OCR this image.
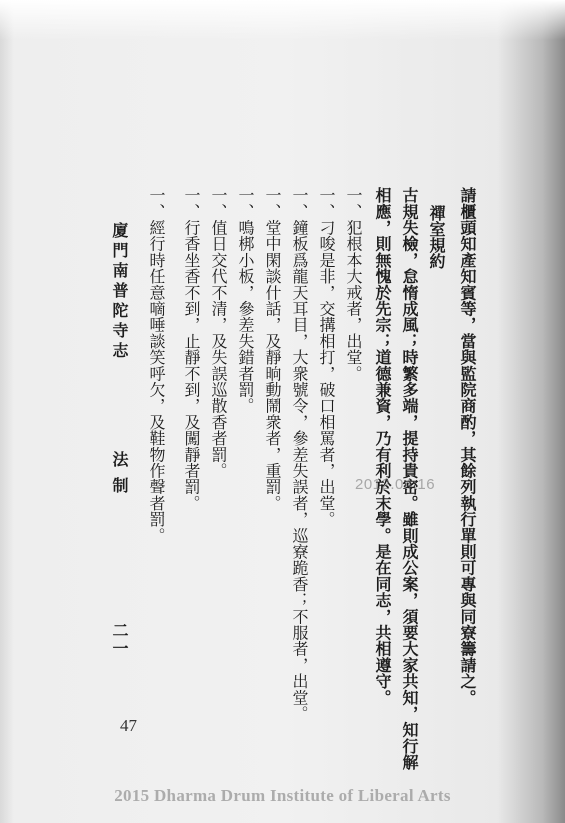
請櫃頭知產知賓等，當與監院商酌，其餘列執行單則可專與同寮籌請之。
禪室規約
古規失檢，怠惰成風；時繁多端，提持貴密。雖則成公案，須要大家共知，知行解
相應，則無愧於先宗；道德兼資，乃有利於末學。是在同志，共相遵守。
一、犯根本大戒者，出堂。
一、刁唆是非，交搆相打，破口相罵者，出堂。
一、鐘板爲龍天耳目，大衆號令，參差失誤者，巡寮跪香；不服者，出堂。
一、堂中閑談什話，及靜晌動鬧衆者，重罰。
一、鳴梆小板，參差失錯者罰。
一、值日交代不清，及失誤巡散香者罰。
一、行香坐香不到，止靜不到，及闖靜者罰。
一、經行時任意嘀唾談笑呼欠，及鞋物作聲者罰。
廈門南普陀寺志
法制
二一
47
2012.04.16
2015 Dharma Drum Institute of Liberal Arts
